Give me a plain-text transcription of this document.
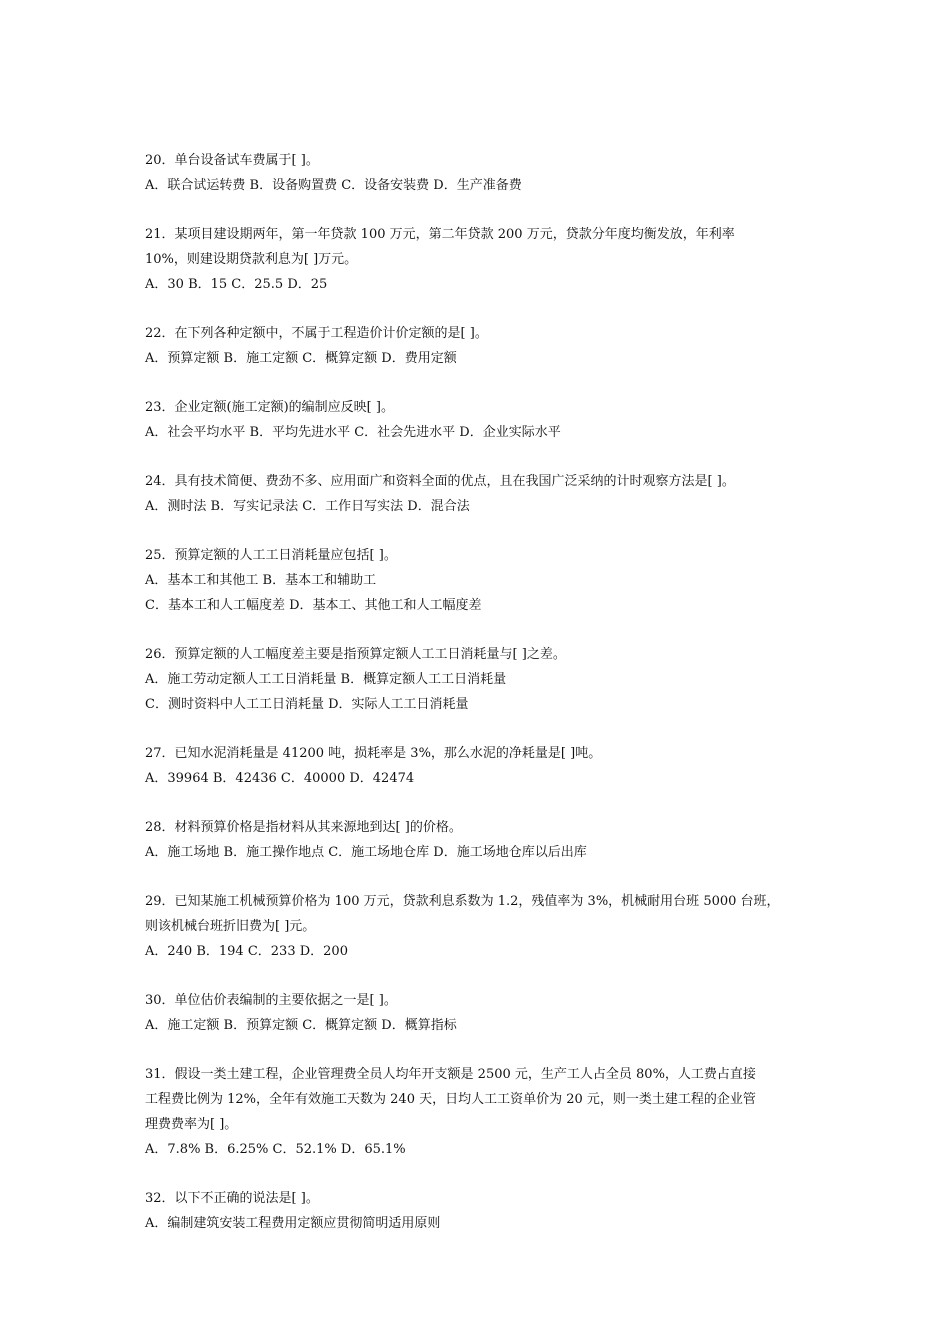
20．单台设备试车费属于[ ]。
A．联合试运转费 B．设备购置费 C．设备安装费 D．生产准备费
21．某项目建设期两年，第一年贷款 100 万元，第二年贷款 200 万元，贷款分年度均衡发放，年利率
10%，则建设期贷款利息为[ ]万元。
A．30 B．15 C．25.5 D．25
22．在下列各种定额中，不属于工程造价计价定额的是[ ]。
A．预算定额 B．施工定额 C．概算定额 D．费用定额
23．企业定额(施工定额)的编制应反映[ ]。
A．社会平均水平 B．平均先进水平 C．社会先进水平 D．企业实际水平
24．具有技术简便、费劲不多、应用面广和资料全面的优点，且在我国广泛采纳的计时观察方法是[ ]。
A．测时法 B．写实记录法 C．工作日写实法 D．混合法
25．预算定额的人工工日消耗量应包括[ ]。
A．基本工和其他工 B．基本工和辅助工
C．基本工和人工幅度差 D．基本工、其他工和人工幅度差
26．预算定额的人工幅度差主要是指预算定额人工工日消耗量与[ ]之差。
A．施工劳动定额人工工日消耗量 B．概算定额人工工日消耗量
C．测时资料中人工工日消耗量 D．实际人工工日消耗量
27．已知水泥消耗量是 41200 吨，损耗率是 3%，那么水泥的净耗量是[ ]吨。
A．39964 B．42436 C．40000 D．42474
28．材料预算价格是指材料从其来源地到达[ ]的价格。
A．施工场地 B．施工操作地点 C．施工场地仓库 D．施工场地仓库以后出库
29．已知某施工机械预算价格为 100 万元，贷款利息系数为 1.2，残值率为 3%，机械耐用台班 5000 台班，
则该机械台班折旧费为[ ]元。
A．240 B．194 C．233 D．200
30．单位估价表编制的主要依据之一是[ ]。
A．施工定额 B．预算定额 C．概算定额 D．概算指标
31．假设一类土建工程，企业管理费全员人均年开支额是 2500 元，生产工人占全员 80%，人工费占直接
工程费比例为 12%，全年有效施工天数为 240 天，日均人工工资单价为 20 元，则一类土建工程的企业管
理费费率为[ ]。
A．7.8% B．6.25% C．52.1% D．65.1%
32．以下不正确的说法是[ ]。
A．编制建筑安装工程费用定额应贯彻简明适用原则
